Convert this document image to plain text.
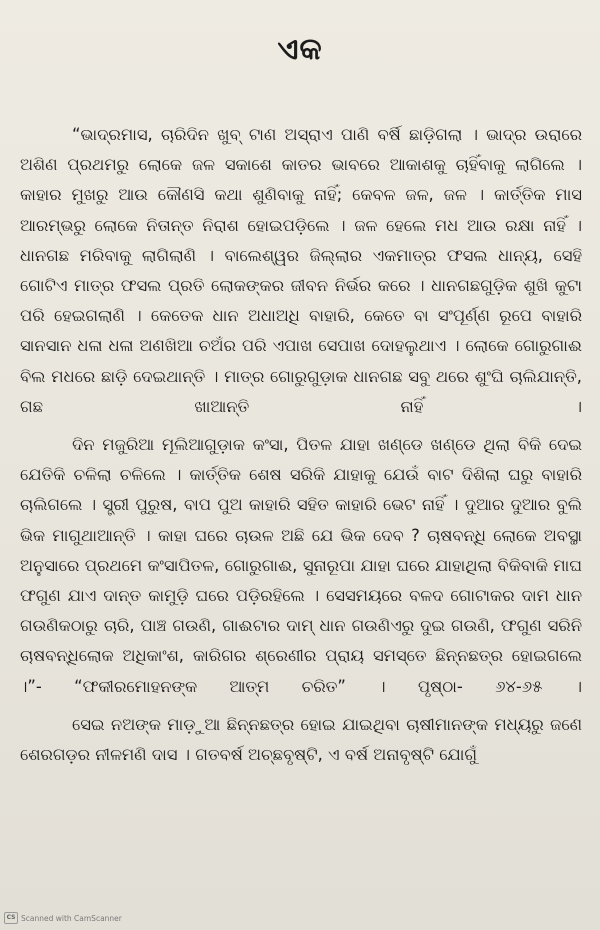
ଏକ

“ଭାଦ୍ରମାସ, ଚାରିଦିନ ଖୁବ୍ ଟାଣ ଅସ୍ରାଏ ପାଣି ବର୍ଷି ଛାଡ଼ିଗଲା । ଭାଦ୍ର ଉରାରେ ଅଶିଣ ପ୍ରଥମରୁ ଲୋକେ ଜଳ ସକାଶେ କାତର ଭାବରେ ଆକାଶକୁ ଚାହିଁବାକୁ ଲାଗିଲେ । କାହାର ମୁଖରୁ ଆଉ କୌଣସି କଥା ଶୁଣିବାକୁ ନାହିଁ; କେବଳ ଜଳ, ଜଳ । କାର୍ତ୍ତିକ ମାସ ଆରମ୍ଭରୁ ଲୋକେ ନିତାନ୍ତ ନିରାଶ ହୋଇପଡ଼ିଲେ । ଜଳ ହେଲେ ମଧ ଆଉ ରକ୍ଷା ନାହିଁ । ଧାନଗଛ ମରିବାକୁ ଲାଗିଲାଣି । ବାଲେଶ୍ୱର ଜିଲ୍ଲାର ଏକମାତ୍ର ଫସଲ ଧାନ୍ୟ, ସେହି ଗୋଟିଏ ମାତ୍ର ଫସଲ ପ୍ରତି ଲୋକଙ୍କର ଜୀବନ ନିର୍ଭର କରେ । ଧାନଗଛଗୁଡ଼ିକ ଶୁଖି କୁଟା ପରି ହେଇଗଲାଣି । କେତେକ ଧାନ ଅଧାଅଧି ବାହାରି, କେତେ ବା ସଂପୂର୍ଣ୍ଣ ରୂପେ ବାହାରି ସାନସାନ ଧଳା ଧଳା ଅଣଖିଆ ଚଅଁର ପରି ଏପାଖ ସେପାଖ ଦୋହଲୁଥାଏ । ଲୋକେ ଗୋରୁଗାଈ ବିଲ ମଧରେ ଛାଡ଼ି ଦେଇଥାନ୍ତି । ମାତ୍ର ଗୋରୁଗୁଡ଼ାକ ଧାନଗଛ ସବୁ ଥରେ ଶୁଂଘି ଚାଲିଯାନ୍ତି, ଗଛ ଖାଆନ୍ତି ନାହିଁ ।

ଦିନ ମଜୁରିଆ ମୂଲିଆଗୁଡ଼ାକ କଂସା, ପିତଳ ଯାହା ଖଣ୍ଡେ ଖଣ୍ଡେ ଥିଲା ବିକି ଦେଇ ଯେତିକି ଚଳିଲା ଚଳିଲେ । କାର୍ତ୍ତିକ ଶେଷ ସରିକି ଯାହାକୁ ଯେଉଁ ବାଟ ଦିଶିଲା ଘରୁ ବାହାରି ଚାଲିଗଲେ । ସ୍ତ୍ରୀ ପୁରୁଷ, ବାପ ପୁଅ କାହାରି ସହିତ କାହାରି ଭେଟ ନାହିଁ । ଦୁଆର ଦୁଆର ବୁଲି ଭିକ ମାଗୁଥାଆନ୍ତି । କାହା ଘରେ ଚାଉଳ ଅଛି ଯେ ଭିକ ଦେବ ? ଚାଷବନ୍ଧି ଲୋକେ ଅବସ୍ଥା ଅନୁସାରେ ପ୍ରଥମେ କଂସାପିତଳ, ଗୋରୁଗାଈ, ସୁନାରୂପା ଯାହା ଘରେ ଯାହାଥିଲା ବିକିବାକି ମାଘ ଫଗୁଣ ଯାଏ ଦାନ୍ତ କାମୁଡ଼ି ଘରେ ପଡ଼ିରହିଲେ । ସେସମୟରେ ବଳଦ ଗୋଟାକର ଦାମ ଧାନ ଗଉଣିକଠାରୁ ଚାରି, ପାଞ୍ଚ ଗଉଣି, ଗାଈଟାର ଦାମ୍ ଧାନ ଗଉଣିଏରୁ ଦୁଇ ଗଉଣି, ଫଗୁଣ ସରିନି ଚାଷବନ୍ଧିଲୋକ ଅଧିକାଂଶ, କାରିଗର ଶ୍ରେଣୀର ପ୍ରାୟ ସମସ୍ତେ ଛିନ୍ନଛତ୍ର ହୋଇଗଲେ ।”- “ଫକୀରମୋହନଙ୍କ ଆତ୍ମ ଚରିତ” । ପୃଷ୍ଠା- ୬୪-୬୫ ।

ସେଇ ନଅଙ୍କ ମାଡ଼ୁଆ ଛିନ୍ନଛତ୍ର ହୋଇ ଯାଇଥିବା ଚାଷୀମାନଙ୍କ ମଧ୍ୟରୁ ଜଣେ ଶେରଗଡ଼ର ନୀଳମଣି ଦାସ । ଗତବର୍ଷ ଅଚ୍ଛବୃଷ୍ଟି, ଏ ବର୍ଷ ଅନାବୃଷ୍ଟି ଯୋଗୁଁ

CS Scanned with CamScanner
